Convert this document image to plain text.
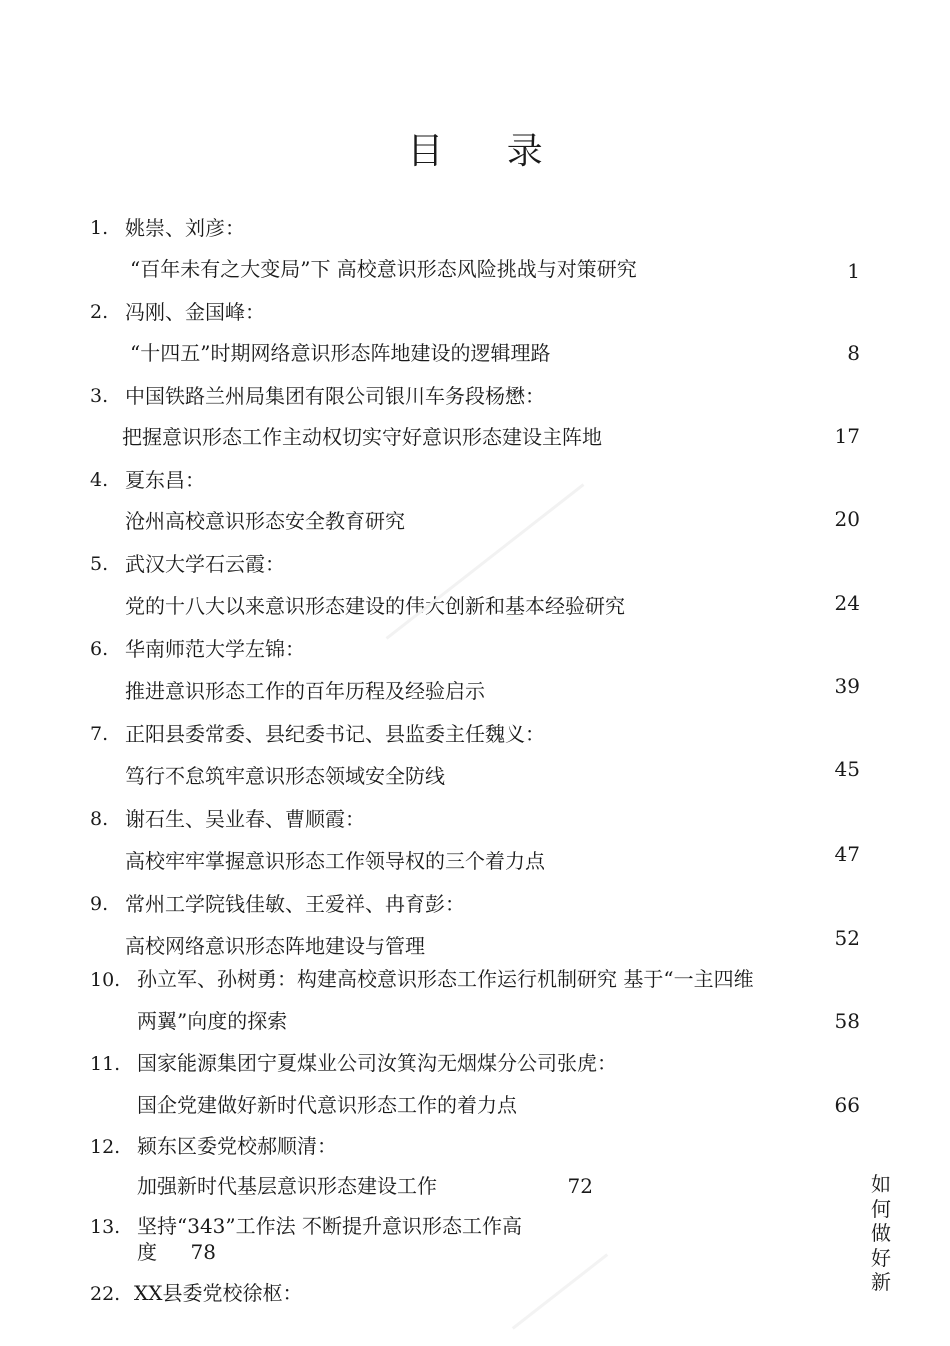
目 录
1. 姚崇、刘彦：
“百年未有之大变局”下 高校意识形态风险挑战与对策研究	1
2. 冯刚、金国峰：
“十四五”时期网络意识形态阵地建设的逻辑理路	8
3. 中国铁路兰州局集团有限公司银川车务段杨懋：
把握意识形态工作主动权切实守好意识形态建设主阵地	17
4. 夏东昌：
沧州高校意识形态安全教育研究	20
5. 武汉大学石云霞：
党的十八大以来意识形态建设的伟大创新和基本经验研究	24
6. 华南师范大学左锦：
推进意识形态工作的百年历程及经验启示	39
7. 正阳县委常委、县纪委书记、县监委主任魏义：
笃行不怠筑牢意识形态领域安全防线	45
8. 谢石生、吴业春、曹顺霞：
高校牢牢掌握意识形态工作领导权的三个着力点	47
9. 常州工学院钱佳敏、王爱祥、冉育彭：
高校网络意识形态阵地建设与管理	52
10. 孙立军、孙树勇：构建高校意识形态工作运行机制研究 基于“一主四维
两翼”向度的探索	58
11. 国家能源集团宁夏煤业公司汝箕沟无烟煤分公司张虎：
国企党建做好新时代意识形态工作的着力点	66
12. 颍东区委党校郝顺清：
加强新时代基层意识形态建设工作	72
13. 坚持“343”工作法 不断提升意识形态工作高
度	78
22. XX县委党校徐枢：
如
何
做
好
新
